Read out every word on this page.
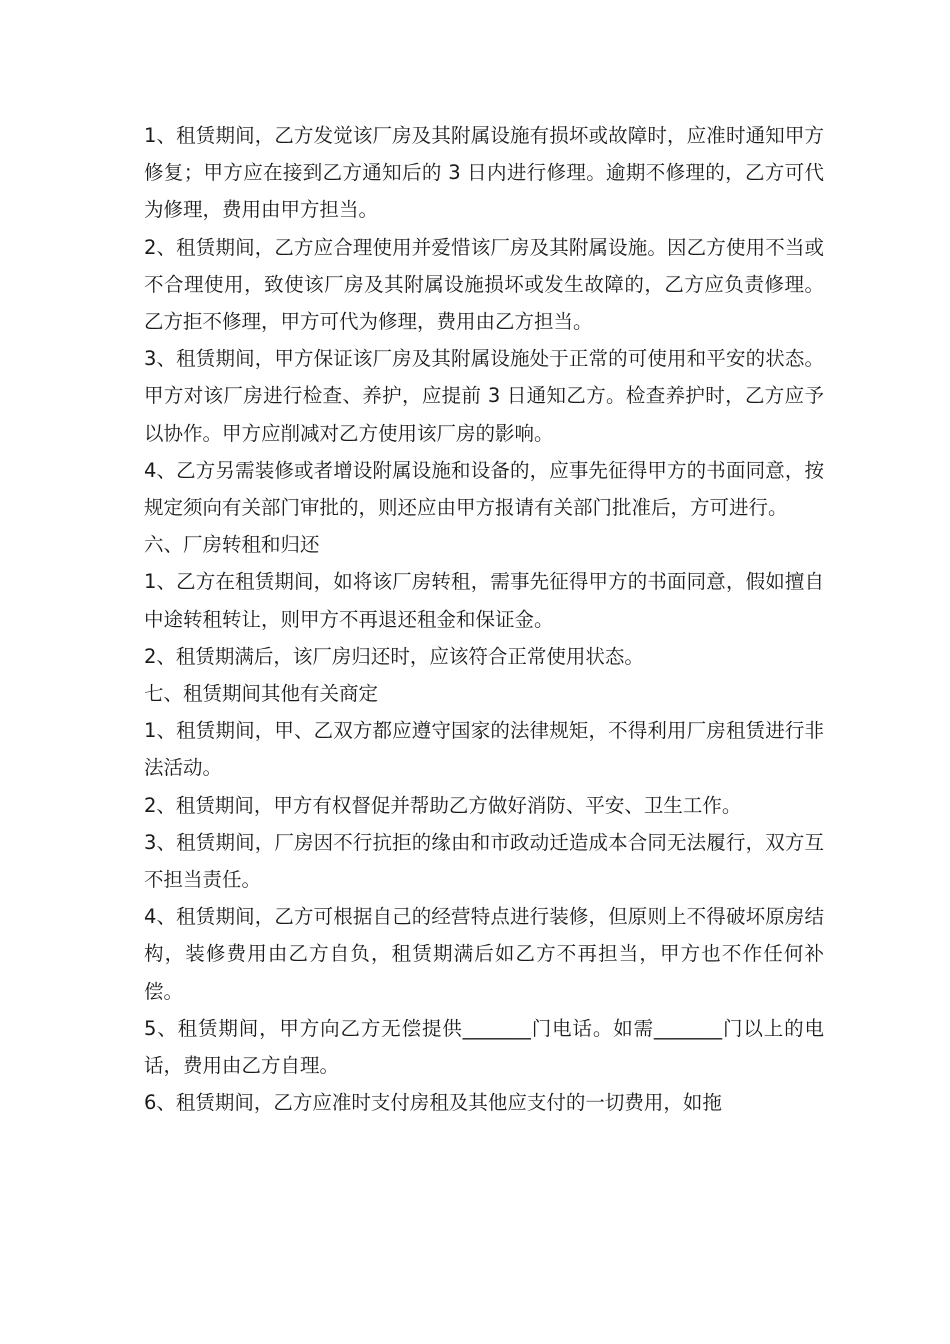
1、租赁期间，乙方发觉该厂房及其附属设施有损坏或故障时，应准时通知甲方修复；甲方应在接到乙方通知后的 3 日内进行修理。逾期不修理的，乙方可代为修理，费用由甲方担当。

2、租赁期间，乙方应合理使用并爱惜该厂房及其附属设施。因乙方使用不当或不合理使用，致使该厂房及其附属设施损坏或发生故障的，乙方应负责修理。乙方拒不修理，甲方可代为修理，费用由乙方担当。

3、租赁期间，甲方保证该厂房及其附属设施处于正常的可使用和平安的状态。甲方对该厂房进行检查、养护，应提前 3 日通知乙方。检查养护时，乙方应予以协作。甲方应削减对乙方使用该厂房的影响。

4、乙方另需装修或者增设附属设施和设备的，应事先征得甲方的书面同意，按规定须向有关部门审批的，则还应由甲方报请有关部门批准后，方可进行。

六、厂房转租和归还

1、乙方在租赁期间，如将该厂房转租，需事先征得甲方的书面同意，假如擅自中途转租转让，则甲方不再退还租金和保证金。

2、租赁期满后，该厂房归还时，应该符合正常使用状态。

七、租赁期间其他有关商定

1、租赁期间，甲、乙双方都应遵守国家的法律规矩，不得利用厂房租赁进行非法活动。

2、租赁期间，甲方有权督促并帮助乙方做好消防、平安、卫生工作。

3、租赁期间，厂房因不行抗拒的缘由和市政动迁造成本合同无法履行，双方互不担当责任。

4、租赁期间，乙方可根据自己的经营特点进行装修，但原则上不得破坏原房结构，装修费用由乙方自负，租赁期满后如乙方不再担当，甲方也不作任何补偿。

5、租赁期间，甲方向乙方无偿提供_______门电话。如需_______门以上的电话，费用由乙方自理。

6、租赁期间，乙方应准时支付房租及其他应支付的一切费用，如拖
